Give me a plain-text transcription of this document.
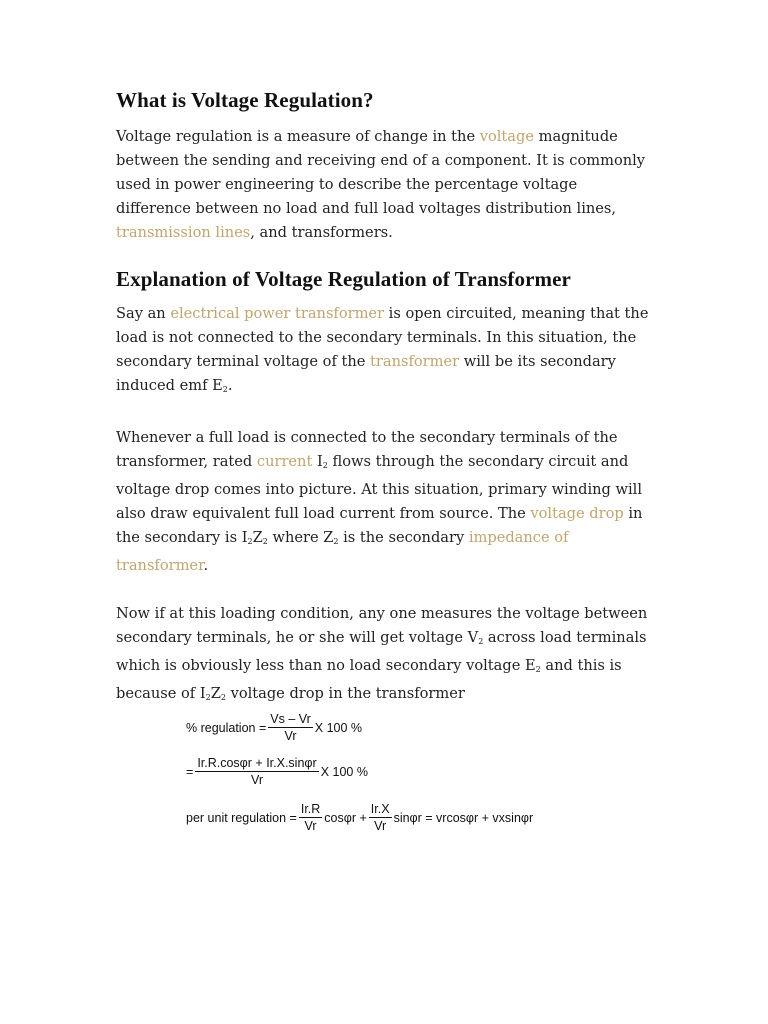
What is Voltage Regulation?

Voltage regulation is a measure of change in the voltage magnitude between the sending and receiving end of a component. It is commonly used in power engineering to describe the percentage voltage difference between no load and full load voltages distribution lines, transmission lines, and transformers.

Explanation of Voltage Regulation of Transformer

Say an electrical power transformer is open circuited, meaning that the load is not connected to the secondary terminals. In this situation, the secondary terminal voltage of the transformer will be its secondary induced emf $E_2$.

Whenever a full load is connected to the secondary terminals of the transformer, rated current $I_2$ flows through the secondary circuit and voltage drop comes into picture. At this situation, primary winding will also draw equivalent full load current from source. The voltage drop in the secondary is $I_2Z_2$ where $Z_2$ is the secondary impedance of transformer.

Now if at this loading condition, any one measures the voltage between secondary terminals, he or she will get voltage $V_2$ across load terminals which is obviously less than no load secondary voltage $E_2$ and this is because of $I_2Z_2$ voltage drop in the transformer

% regulation = $\frac{Vs - Vr}{Vr}$ X 100 %
= $\frac{Ir.R.\cos\varphi r + Ir.X.\sin\varphi r}{Vr}$ X 100 %
per unit regulation = $\frac{Ir.R}{Vr}$ $\cos\varphi r + \frac{Ir.X}{Vr}$ sinφr = vrcosφr + vxsinφr
